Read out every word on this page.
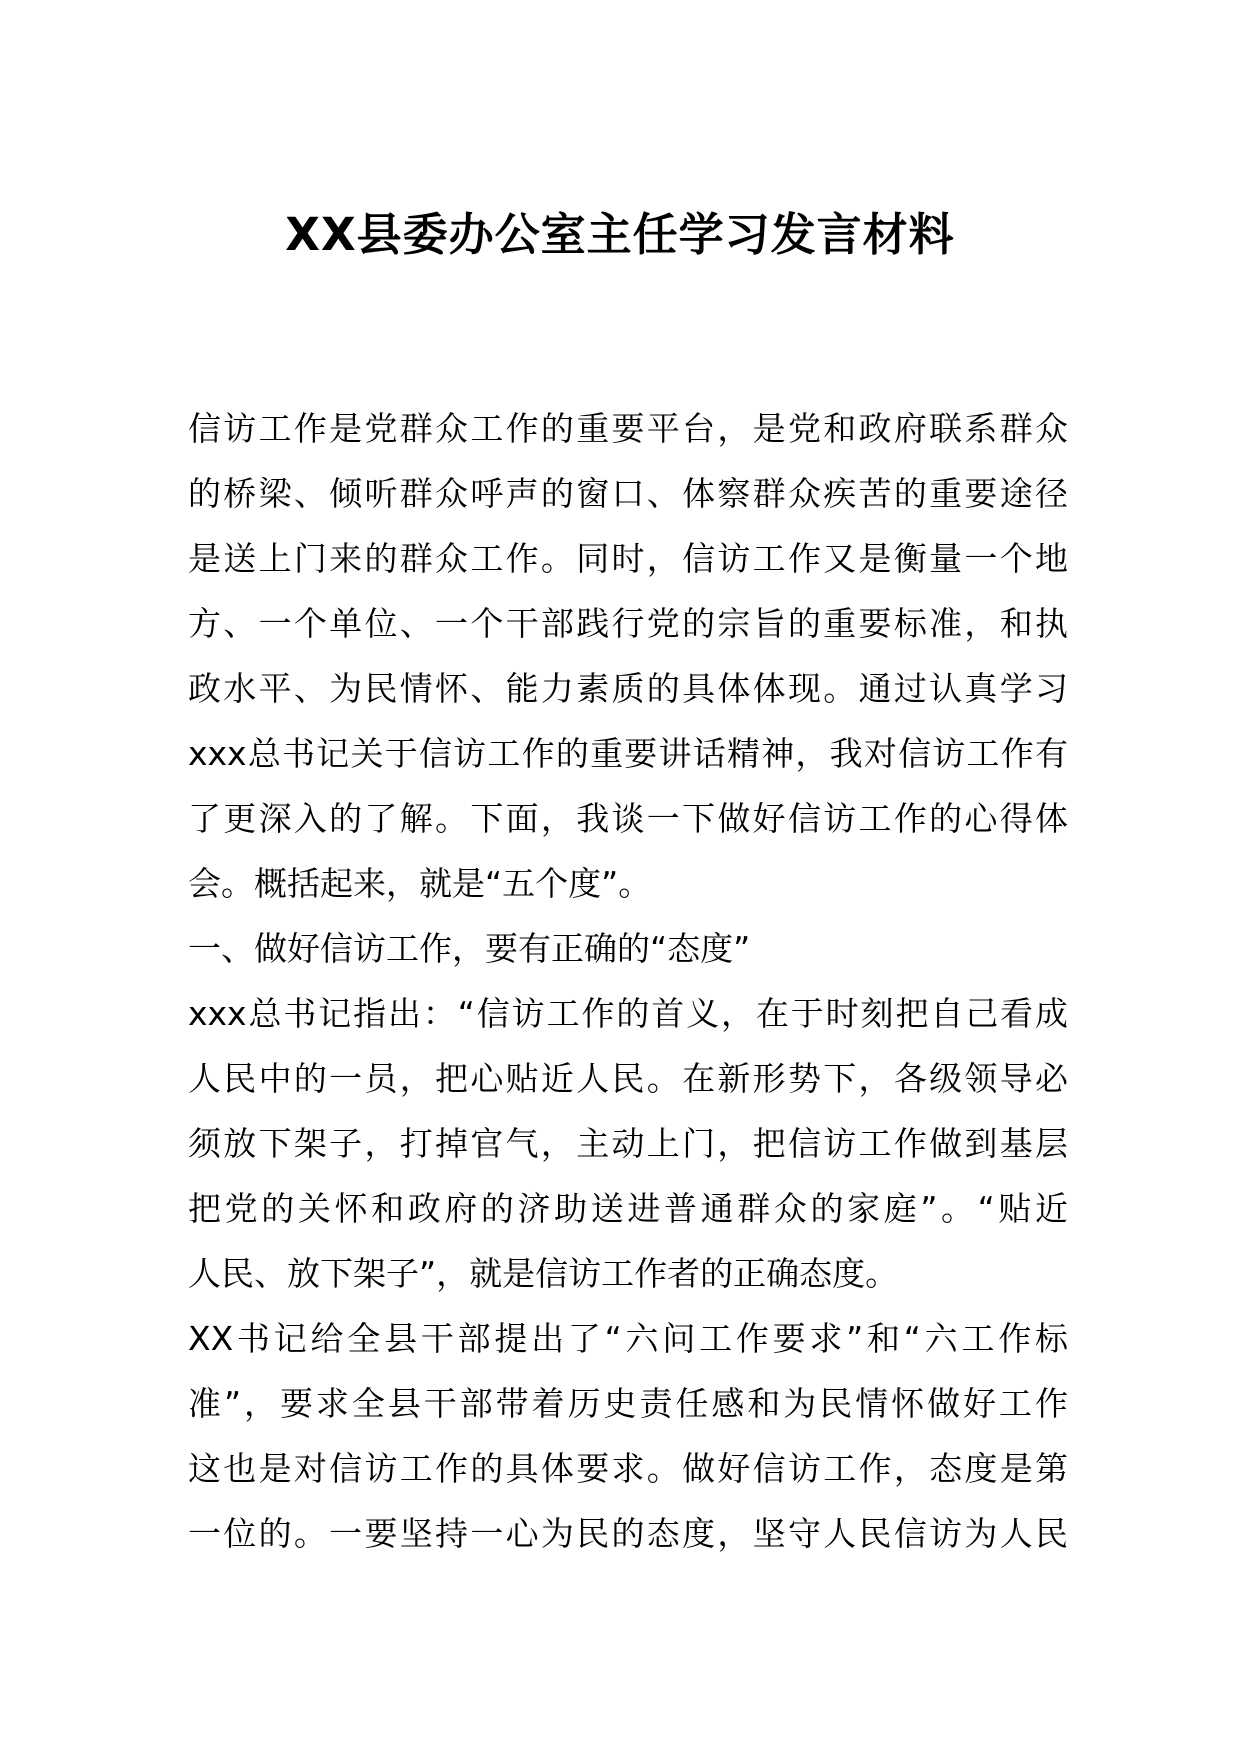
XX县委办公室主任学习发言材料
信访工作是党群众工作的重要平台，是党和政府联系群众
的桥梁、倾听群众呼声的窗口、体察群众疾苦的重要途径
是送上门来的群众工作。同时，信访工作又是衡量一个地
方、一个单位、一个干部践行党的宗旨的重要标准，和执
政水平、为民情怀、能力素质的具体体现。通过认真学习
xxx总书记关于信访工作的重要讲话精神，我对信访工作有
了更深入的了解。下面，我谈一下做好信访工作的心得体
会。概括起来，就是“五个度”。
一、做好信访工作，要有正确的“态度”
xxx总书记指出：“信访工作的首义，在于时刻把自己看成
人民中的一员，把心贴近人民。在新形势下，各级领导必
须放下架子，打掉官气，主动上门，把信访工作做到基层
把党的关怀和政府的济助送进普通群众的家庭”。“贴近
人民、放下架子”，就是信访工作者的正确态度。
XX书记给全县干部提出了“六问工作要求”和“六工作标
准”，要求全县干部带着历史责任感和为民情怀做好工作
这也是对信访工作的具体要求。做好信访工作，态度是第
一位的。一要坚持一心为民的态度，坚守人民信访为人民
